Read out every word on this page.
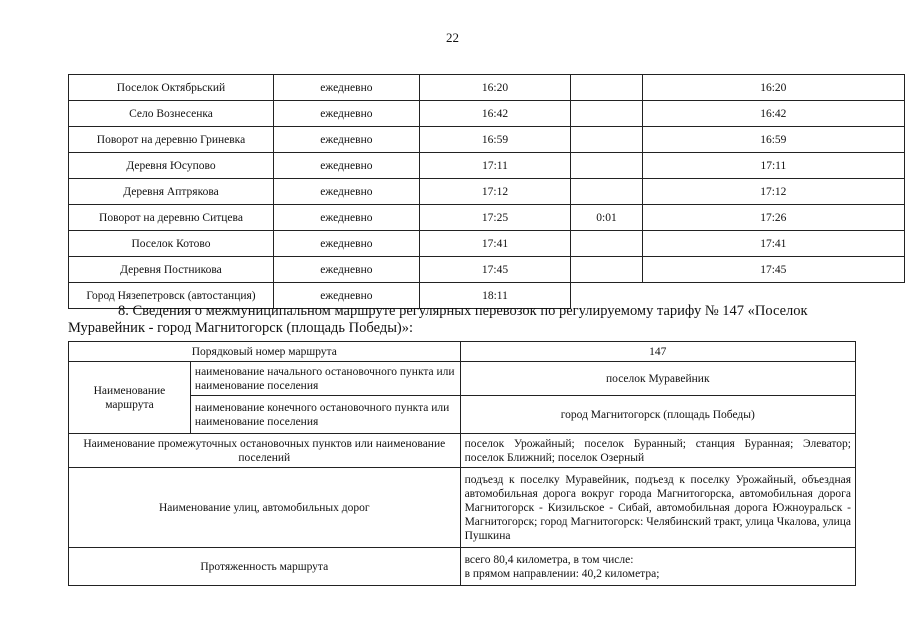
22
Поселок Октябрьский	ежедневно	16:20		16:20
Село Вознесенка	ежедневно	16:42		16:42
Поворот на деревню Гриневка	ежедневно	16:59		16:59
Деревня Юсупово	ежедневно	17:11		17:11
Деревня Аптрякова	ежедневно	17:12		17:12
Поворот на деревню Ситцева	ежедневно	17:25	0:01	17:26
Поселок Котово	ежедневно	17:41		17:41
Деревня Постникова	ежедневно	17:45		17:45
Город Нязепетровск (автостанция)	ежедневно	18:11		
8. Сведения о межмуниципальном маршруте регулярных перевозок по регулируемому тарифу № 147 «Поселок
Муравейник - город Магнитогорск (площадь Победы)»:
Порядковый номер маршрута		147
Наименование маршрута	наименование начального остановочного пункта или наименование поселения	поселок Муравейник
	наименование конечного остановочного пункта или наименование поселения	город Магнитогорск (площадь Победы)
Наименование промежуточных остановочных пунктов или наименование поселений		поселок Урожайный; поселок Буранный; станция Буранная; Элеватор; поселок Ближний; поселок Озерный
Наименование улиц, автомобильных дорог		подъезд к поселку Муравейник, подъезд к поселку Урожайный, объездная автомобильная дорога вокруг города Магнитогорска, автомобильная дорога Магнитогорск - Кизильское - Сибай, автомобильная дорога Южноуральск - Магнитогорск; город Магнитогорск: Челябинский тракт, улица Чкалова, улица Пушкина
Протяженность маршрута		всего 80,4 километра, в том числе:
в прямом направлении: 40,2 километра;
